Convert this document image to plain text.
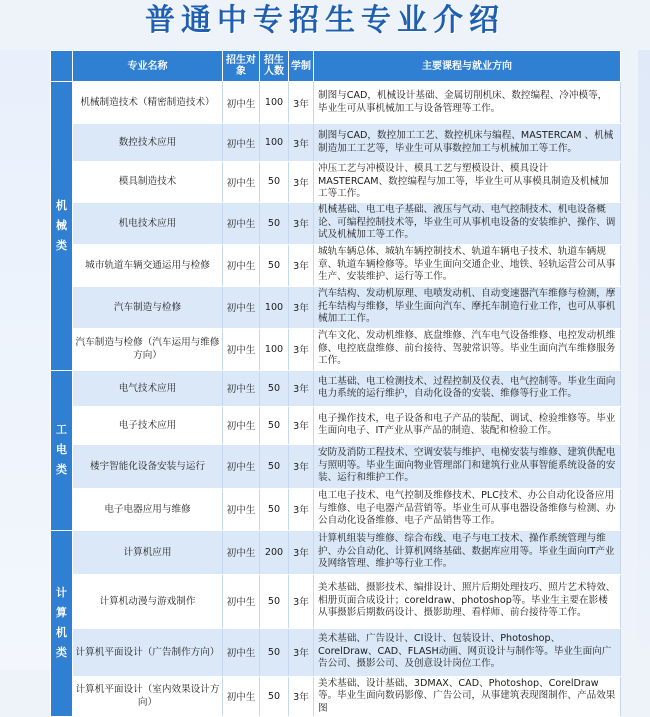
普通中专招生专业介绍
	专业名称	招生对象	招生人数	学制	主要课程与就业方向
机械类	机械制造技术（精密制造技术）	初中生	100	3年	制图与CAD，机械设计基础、金属切削机床、数控编程、冷冲模等，毕业生可从事机械加工与设备管理等工作。
	数控技术应用	初中生	100	3年	制图与CAD，数控加工工艺、数控机床与编程、MASTERCAM 、机械制造加工工艺等，毕业生可从事数控加工与机械加工等工作。
	模具制造技术	初中生	50	3年	冲压工艺与冲模设计、模具工艺与塑模设计、模具设计MASTERCAM、数控编程与加工等，毕业生可从事模具制造及机械加工等工作。
	机电技术应用	初中生	50	3年	机械基础、电工电子基础、液压与气动、电气控制技术、机电设备概论、可编程控制技术等，毕业生可从事机电设备的安装维护、操作、调试及机械加工等工作。
	城市轨道车辆交通运用与检修	初中生	50	3年	城轨车辆总体、城轨车辆控制技术、轨道车辆电子技术、轨道车辆规章、轨道车辆检修等。毕业生面向交通企业、地铁、轻轨运营公司从事生产、安装维护、运行等工作。
	汽车制造与检修	初中生	100	3年	汽车结构、发动机原理、电喷发动机、自动变速器汽车维修与检测，摩托车结构与维修，毕业生面向汽车、摩托车制造行业工作，也可从事机械加工工作。
	汽车制造与检修（汽车运用与维修方向）	初中生	100	3年	汽车文化、发动机维修、底盘维修、汽车电气设备维修、电控发动机维修、电控底盘维修、前台接待、驾驶常识等。毕业生面向汽车维修服务工作。
工电类	电气技术应用	初中生	50	3年	电工基础、电工检测技术、过程控制及仪表、电气控制等。毕业生面向电力系统的运行维护，自动化设备的安装、维修等行业工作。
	电子技术应用	初中生	50	3年	电子操作技术，电子设备和电子产品的装配、调试、检验维修等。毕业生面向电子、IT产业从事产品的制造、装配和检验工作。
	楼宇智能化设备安装与运行	初中生	50	3年	安防及消防工程技术、空调安装与维护、电梯安装与维修、建筑供配电与照明等。毕业生面向物业管理部门和建筑行业从事智能系统设备的安装、运行和维护工作。
	电子电器应用与维修	初中生	50	3年	电工电子技术、电气控制及维修技术、PLC技术、办公自动化设备应用与维修、电子电器产品营销等。毕业生可从事电器设备维修与检测、办公自动化设备维修、电子产品销售等工作。
计算机类	计算机应用	初中生	200	3年	计算机组装与维修、综合布线、电子与电工技术、操作系统管理与维护、办公自动化、计算机网络基础、数据库应用等。毕业生面向IT产业及网络管理、维护等行业工作。
	计算机动漫与游戏制作	初中生	50	3年	美术基础、摄影技术、编排设计、照片后期处理技巧、照片艺术特效、相册页面合成设计；coreldraw、photoshop等。毕业生主要在影楼从事摄影后期数码设计、摄影助理、看样师、前台接待等工作。
	计算机平面设计（广告制作方向）	初中生	50	3年	美术基础、广告设计、CI设计、包装设计、Photoshop、CorelDraw、CAD、FLASH动画、网页设计与制作等。毕业生面向广告公司、摄影公司、及创意设计岗位工作。
	计算机平面设计（室内效果设计方向）	初中生	50	3年	美术基础、设计基础、3DMAX、CAD、Photoshop、CorelDraw等。毕业生面向数码影像、广告公司，从事建筑表现图制作、产品效果图
